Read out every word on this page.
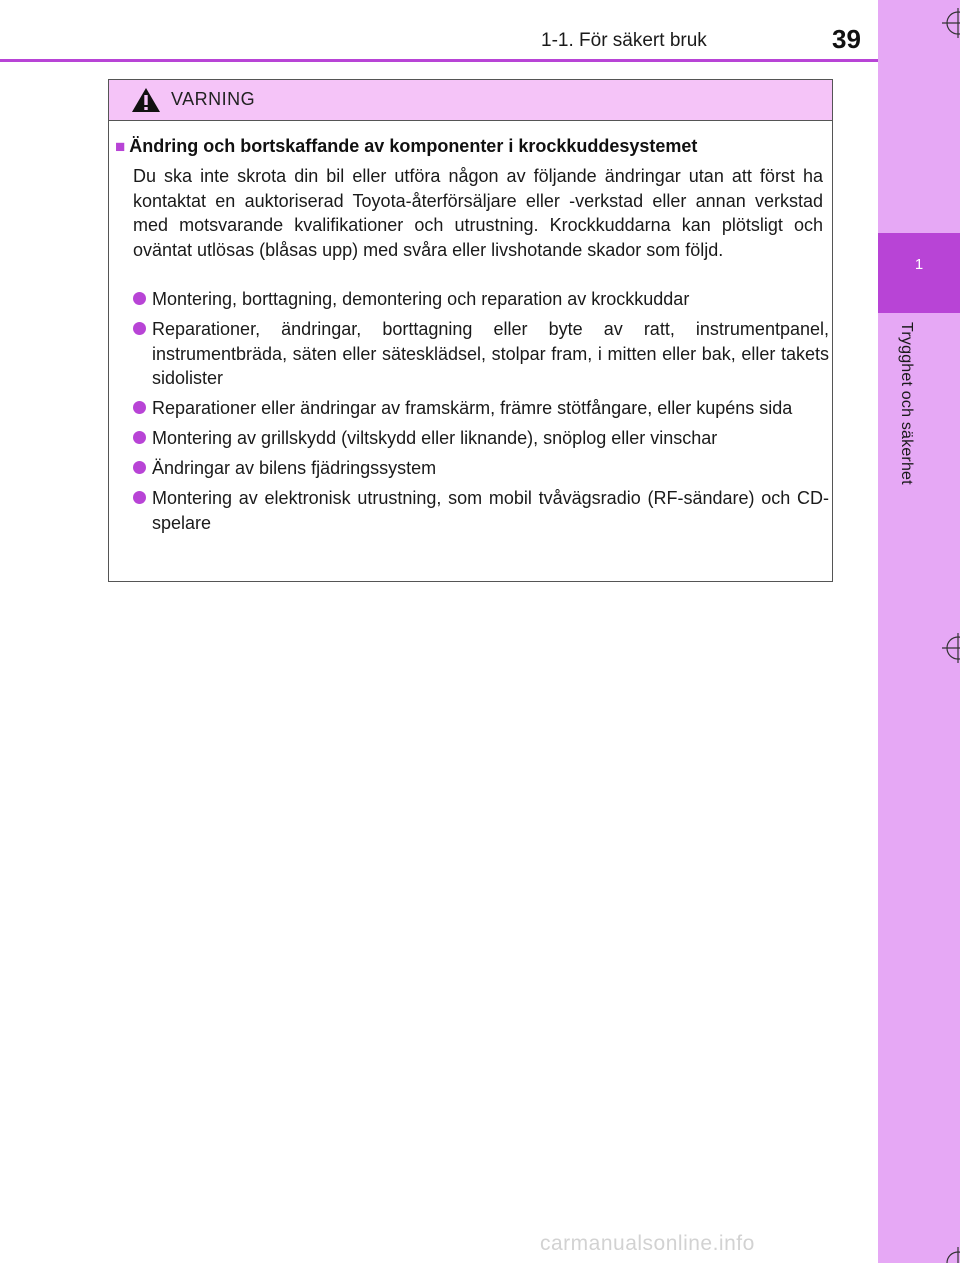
1
Trygghet och säkerhet
1-1. För säkert bruk	39
VARNING
■ Ändring och bortskaffande av komponenter i krockkuddesystemet
Du ska inte skrota din bil eller utföra någon av följande ändringar utan att först ha kontaktat en auktoriserad Toyota-återförsäljare eller -verkstad eller annan verkstad med motsvarande kvalifikationer och utrustning. Krockkuddarna kan plötsligt och oväntat utlösas (blåsas upp) med svåra eller livshotande skador som följd.
Montering, borttagning, demontering och reparation av krockkuddar
Reparationer, ändringar, borttagning eller byte av ratt, instrumentpanel, instrumentbräda, säten eller sätesklädsel, stolpar fram, i mitten eller bak, eller takets sidolister
Reparationer eller ändringar av framskärm, främre stötfångare, eller kupéns sida
Montering av grillskydd (viltskydd eller liknande), snöplog eller vinschar
Ändringar av bilens fjädringssystem
Montering av elektronisk utrustning, som mobil tvåvägsradio (RF-sändare) och CD-spelare
carmanualsonline.info
